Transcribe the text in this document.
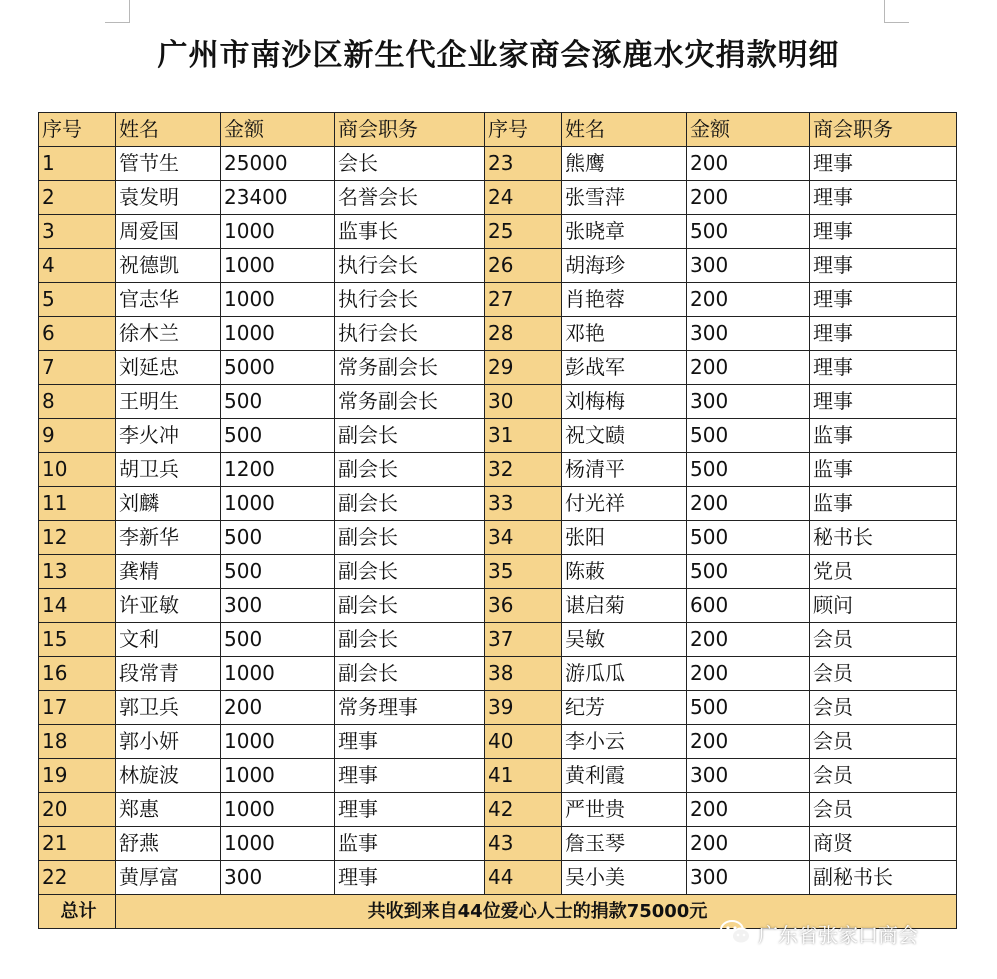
广州市南沙区新生代企业家商会涿鹿水灾捐款明细
序号	姓名	金额	商会职务	序号	姓名	金额	商会职务
1	管节生	25000	会长	23	熊鹰	200	理事
2	袁发明	23400	名誉会长	24	张雪萍	200	理事
3	周爱国	1000	监事长	25	张晓章	500	理事
4	祝德凯	1000	执行会长	26	胡海珍	300	理事
5	官志华	1000	执行会长	27	肖艳蓉	200	理事
6	徐木兰	1000	执行会长	28	邓艳	300	理事
7	刘延忠	5000	常务副会长	29	彭战军	200	理事
8	王明生	500	常务副会长	30	刘梅梅	300	理事
9	李火冲	500	副会长	31	祝文赜	500	监事
10	胡卫兵	1200	副会长	32	杨清平	500	监事
11	刘麟	1000	副会长	33	付光祥	200	监事
12	李新华	500	副会长	34	张阳	500	秘书长
13	龚精	500	副会长	35	陈蓛	500	党员
14	许亚敏	300	副会长	36	谌启菊	600	顾问
15	文利	500	副会长	37	吴敏	200	会员
16	段常青	1000	副会长	38	游瓜瓜	200	会员
17	郭卫兵	200	常务理事	39	纪芳	500	会员
18	郭小妍	1000	理事	40	李小云	200	会员
19	林旋波	1000	理事	41	黄利霞	300	会员
20	郑惠	1000	理事	42	严世贵	200	会员
21	舒燕	1000	监事	43	詹玉琴	200	商贤
22	黄厚富	300	理事	44	吴小美	300	副秘书长
总计	共收到来自44位爱心人士的捐款75000元						
广东省张家口商会
